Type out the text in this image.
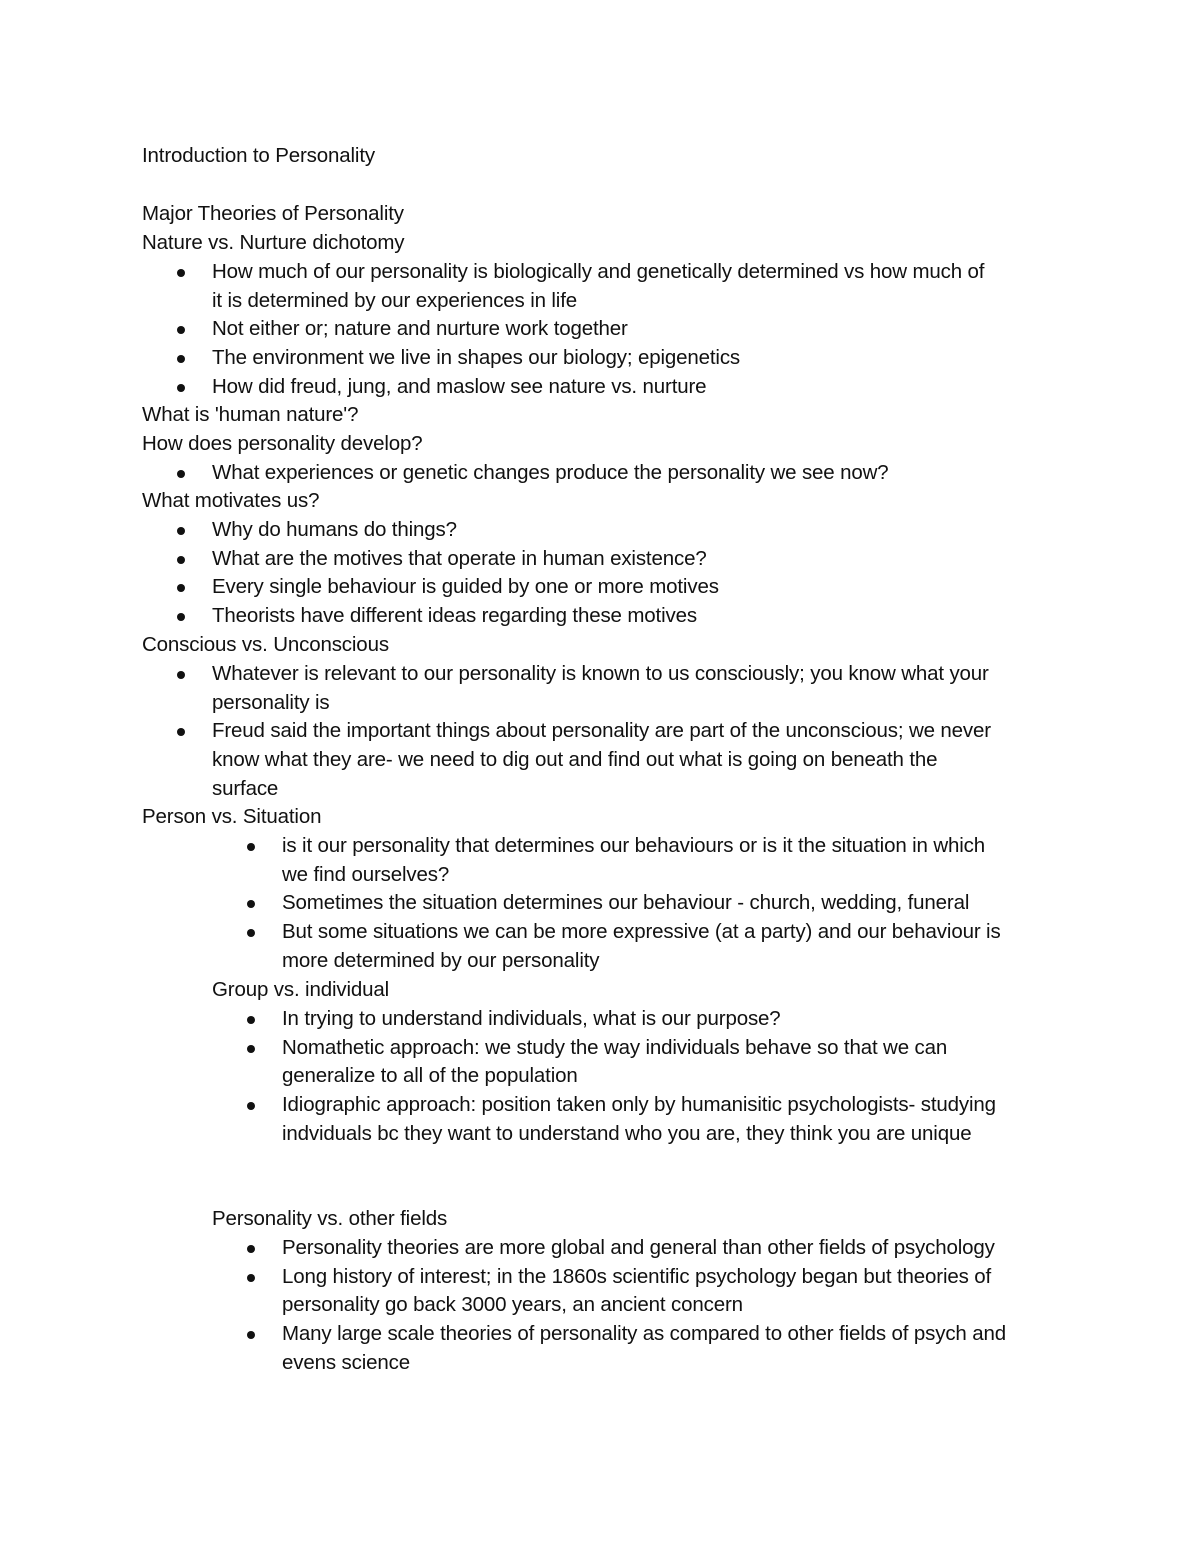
Introduction to Personality
Major Theories of Personality
Nature vs. Nurture dichotomy
How much of our personality is biologically and genetically determined vs how much of
it is determined by our experiences in life
Not either or; nature and nurture work together
The environment we live in shapes our biology; epigenetics
How did freud, jung, and maslow see nature vs. nurture
What is 'human nature'?
How does personality develop?
What experiences or genetic changes produce the personality we see now?
What motivates us?
Why do humans do things?
What are the motives that operate in human existence?
Every single behaviour is guided by one or more motives
Theorists have different ideas regarding these motives
Conscious vs. Unconscious
Whatever is relevant to our personality is known to us consciously; you know what your
personality is
Freud said the important things about personality are part of the unconscious; we never
know what they are- we need to dig out and find out what is going on beneath the
surface
Person vs. Situation
is it our personality that determines our behaviours or is it the situation in which
we find ourselves?
Sometimes the situation determines our behaviour - church, wedding, funeral
But some situations we can be more expressive (at a party) and our behaviour is
more determined by our personality
Group vs. individual
In trying to understand individuals, what is our purpose?
Nomathetic approach: we study the way individuals behave so that we can
generalize to all of the population
Idiographic approach: position taken only by humanisitic psychologists- studying
indviduals bc they want to understand who you are, they think you are unique
Personality vs. other fields
Personality theories are more global and general than other fields of psychology
Long history of interest; in the 1860s scientific psychology began but theories of
personality go back 3000 years, an ancient concern
Many large scale theories of personality as compared to other fields of psych and
evens science
